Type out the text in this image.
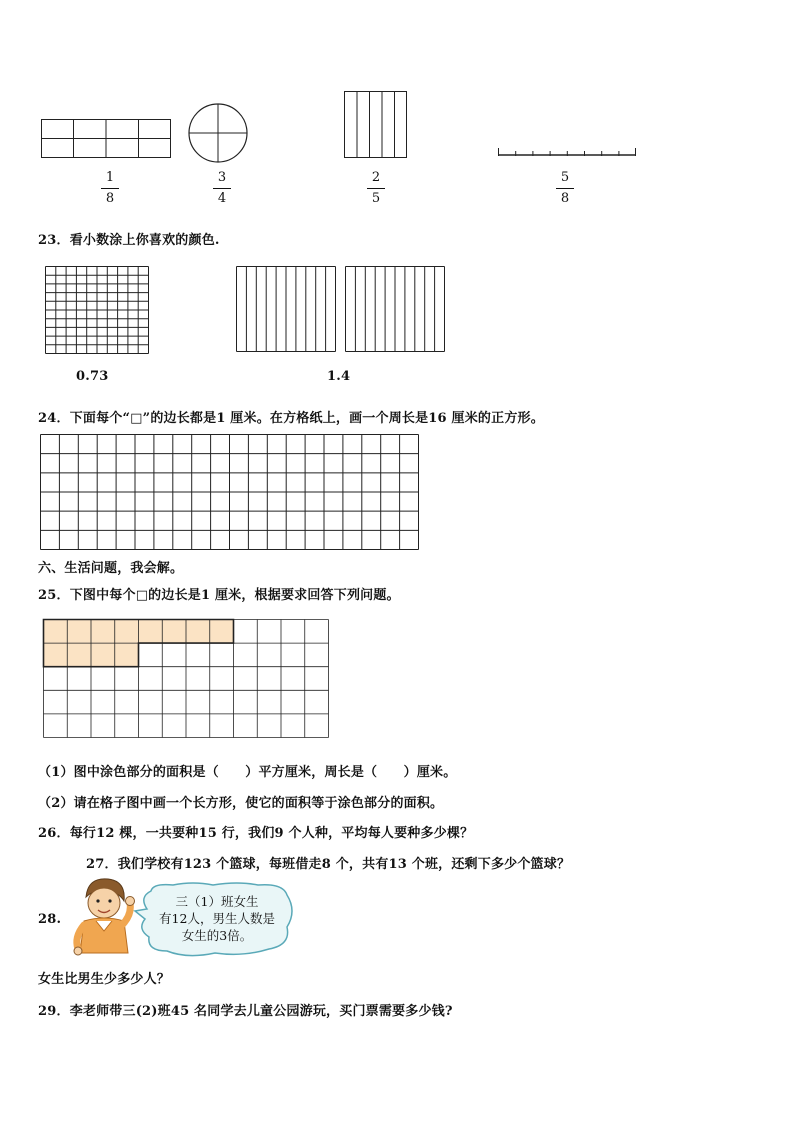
1
8
3
4
2
5
5
8
23．看小数涂上你喜欢的颜色.
0.73	1.4
24．下面每个“□”的边长都是1 厘米。在方格纸上，画一个周长是16 厘米的正方形。
六、生活问题，我会解。
25．下图中每个□的边长是1 厘米，根据要求回答下列问题。
（1）图中涂色部分的面积是（　　）平方厘米，周长是（　　）厘米。
（2）请在格子图中画一个长方形，使它的面积等于涂色部分的面积。
26．每行12 棵，一共要种15 行，我们9 个人种，平均每人要种多少棵？
27．我们学校有123 个篮球，每班借走8 个，共有13 个班，还剩下多少个篮球？
28.
三（1）班女生
有12人，男生人数是
女生的3倍。
女生比男生少多少人？
29．李老师带三(2)班45 名同学去儿童公园游玩，买门票需要多少钱?
